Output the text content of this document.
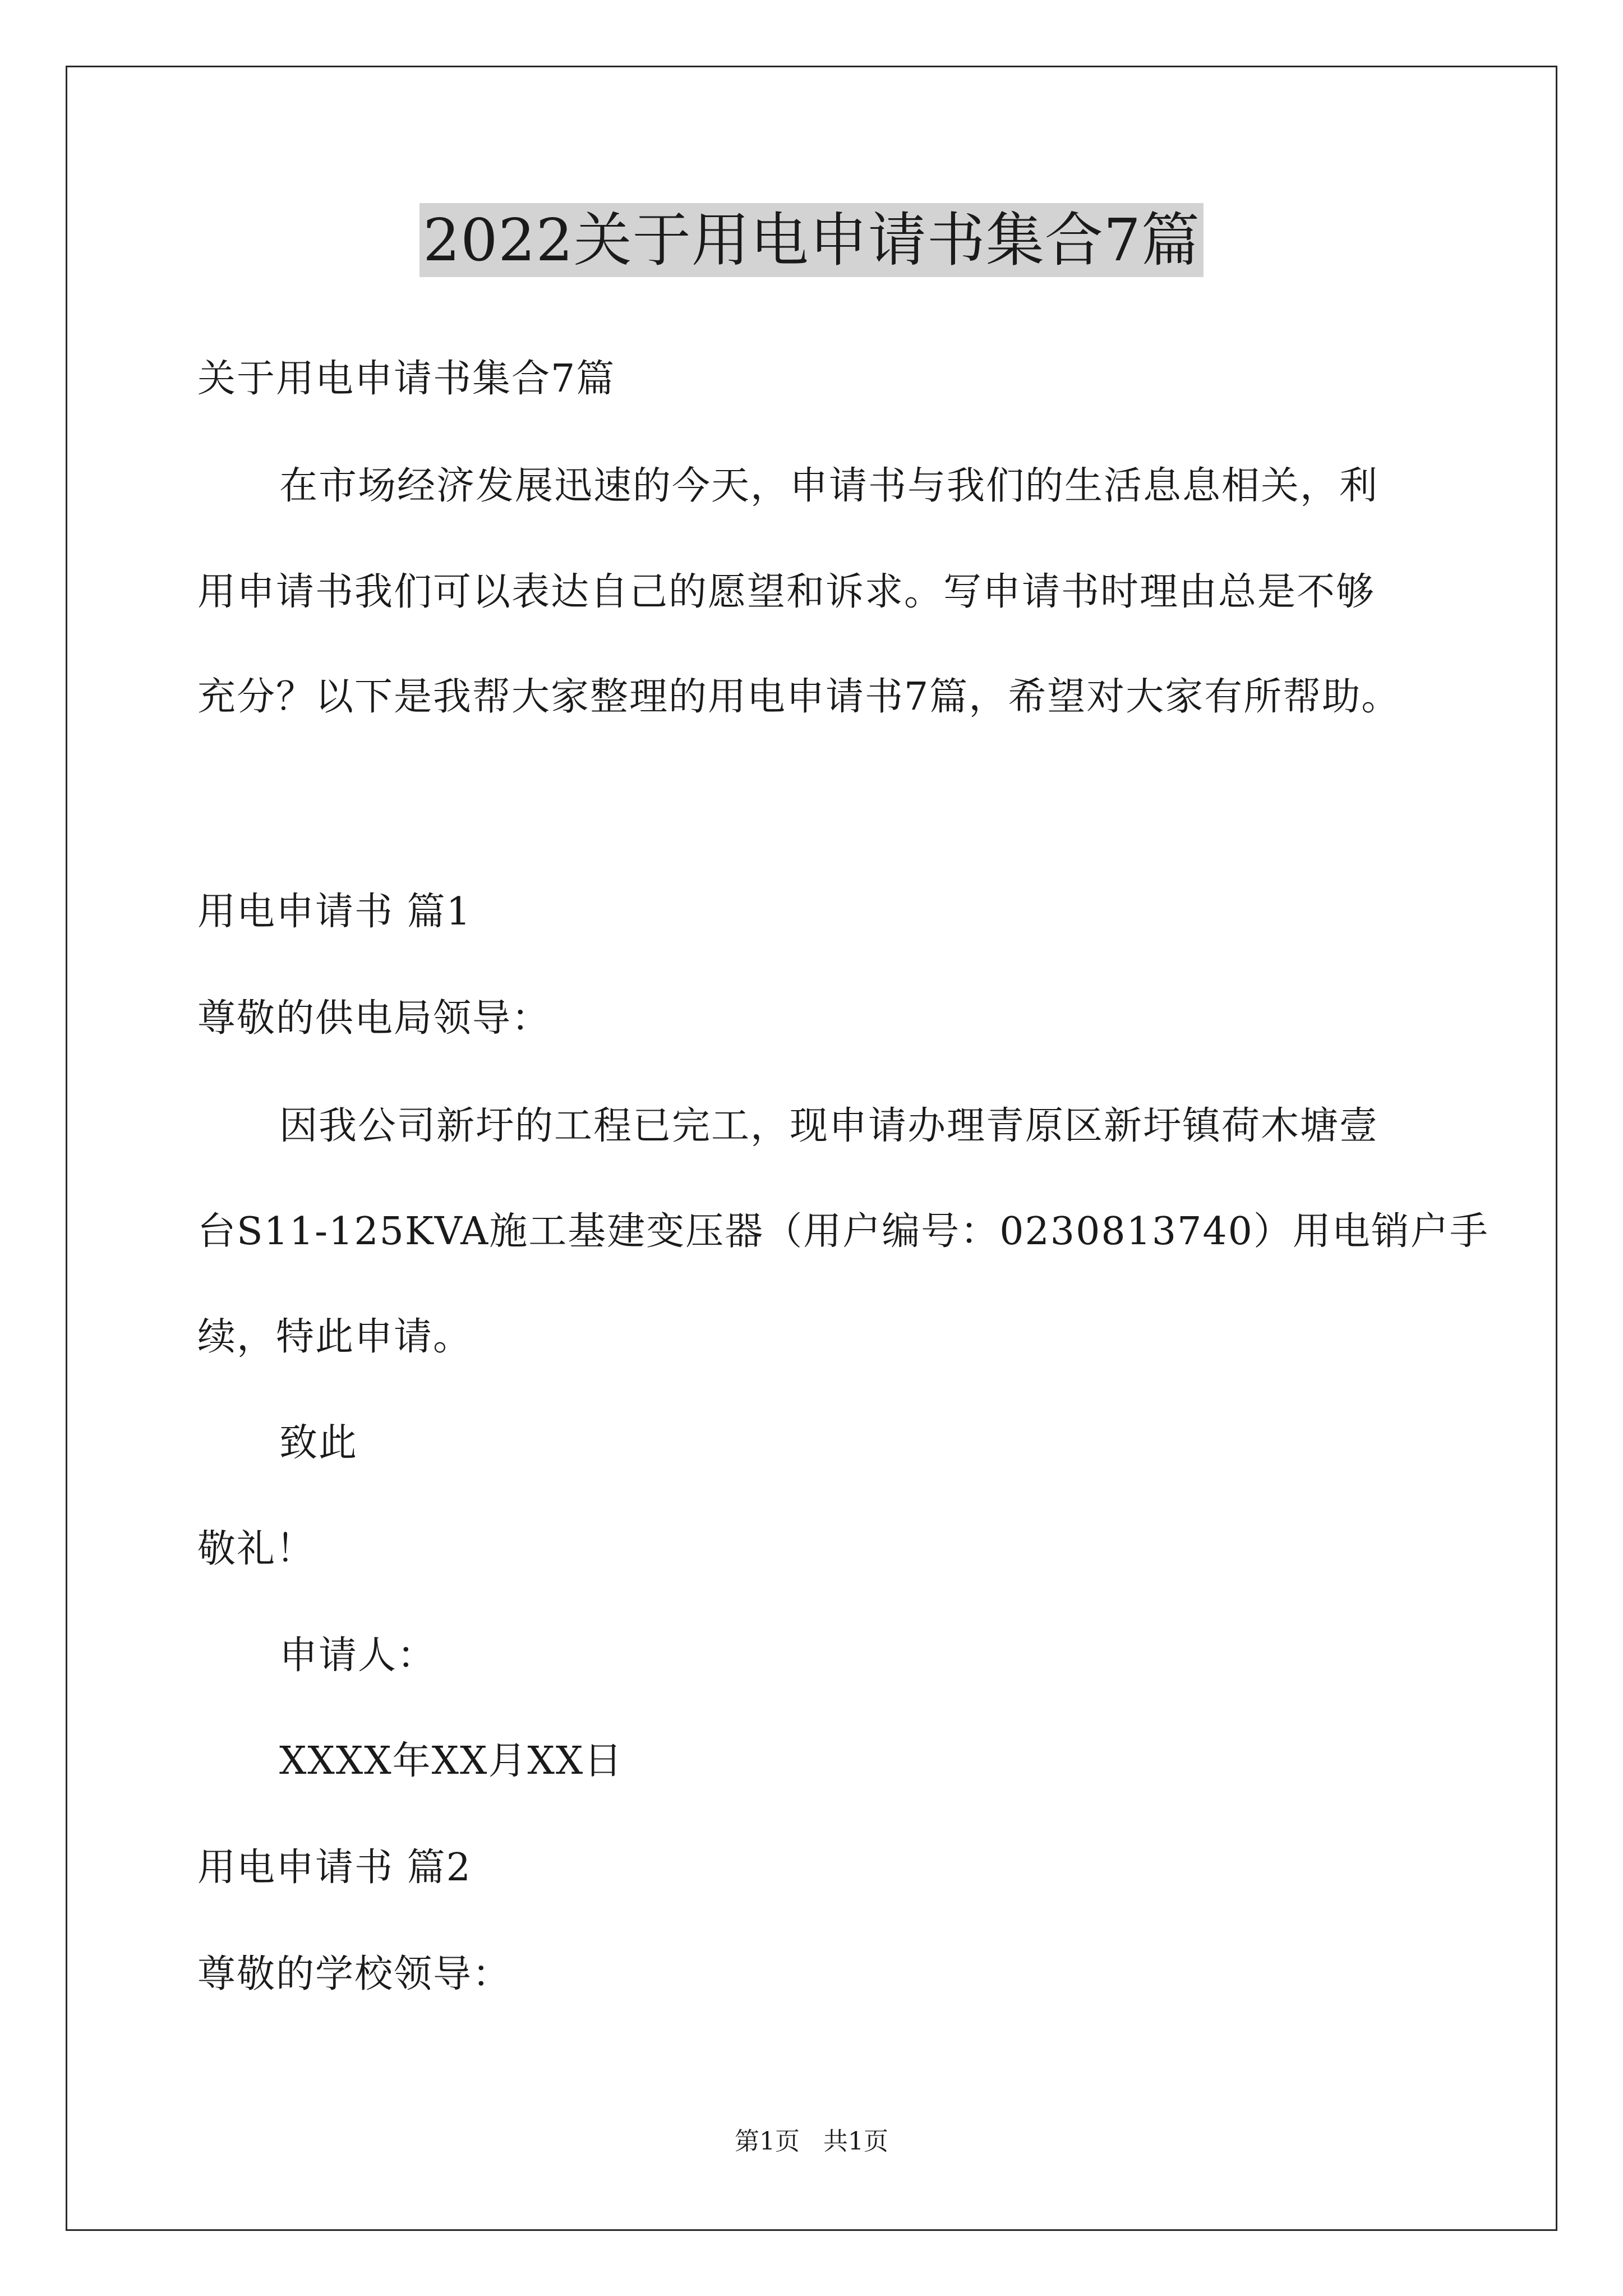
2022关于用电申请书集合7篇
关于用电申请书集合7篇
在市场经济发展迅速的今天，申请书与我们的生活息息相关，利
用申请书我们可以表达自己的愿望和诉求。写申请书时理由总是不够
充分？以下是我帮大家整理的用电申请书7篇，希望对大家有所帮助。
用电申请书 篇1
尊敬的供电局领导：
因我公司新圩的工程已完工，现申请办理青原区新圩镇荷木塘壹
台S11-125KVA施工基建变压器（用户编号：0230813740）用电销户手
续，特此申请。
致此
敬礼！
申请人：
XXXX年XX月XX日
用电申请书 篇2
尊敬的学校领导：
第1页   共1页
